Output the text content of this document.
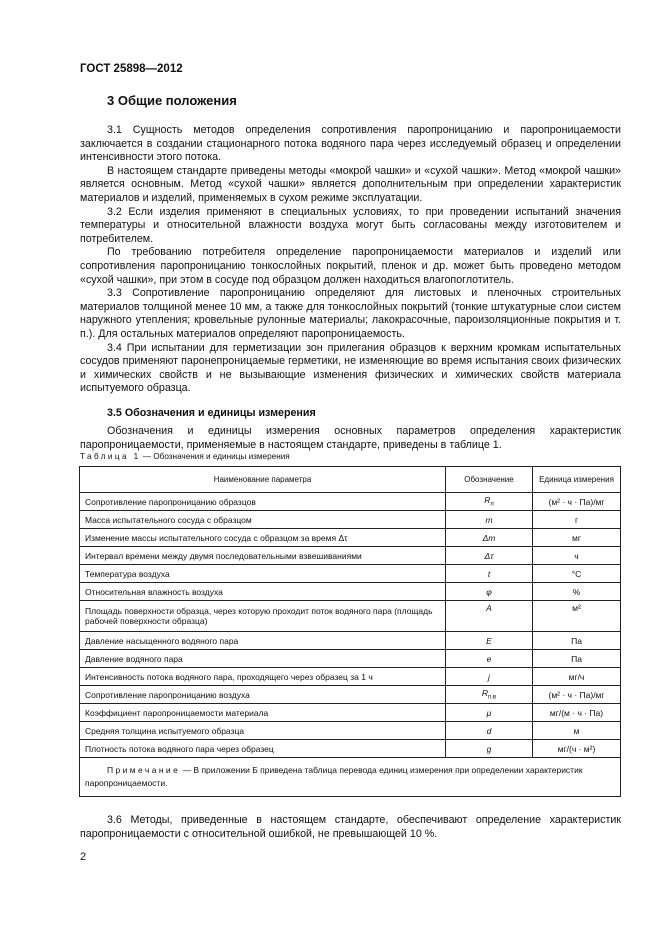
ГОСТ 25898—2012
3 Общие положения

3.1 Сущность методов определения сопротивления паропроницанию и паропроницаемости заключается в создании стационарного потока водяного пара через исследуемый образец и определении интенсивности этого потока.

В настоящем стандарте приведены методы «мокрой чашки» и «сухой чашки». Метод «мокрой чашки» является основным. Метод «сухой чашки» является дополнительным при определении характеристик материалов и изделий, применяемых в сухом режиме эксплуатации.

3.2 Если изделия применяют в специальных условиях, то при проведении испытаний значения температуры и относительной влажности воздуха могут быть согласованы между изготовителем и потребителем.

По требованию потребителя определение паропроницаемости материалов и изделий или сопротивления паропроницанию тонкослойных покрытий, пленок и др. может быть проведено методом «сухой чашки», при этом в сосуде под образцом должен находиться влагопоглотитель.

3.3 Сопротивление паропроницанию определяют для листовых и пленочных строительных материалов толщиной менее 10 мм, а также для тонкослойных покрытий (тонкие штукатурные слои систем наружного утепления; кровельные рулонные материалы; лакокрасочные, пароизоляционные покрытия и т. п.). Для остальных материалов определяют паропроницаемость.

3.4 При испытании для герметизации зон прилегания образцов к верхним кромкам испытательных сосудов применяют паронепроницаемые герметики, не изменяющие во время испытания своих физических и химических свойств и не вызывающие изменения физических и химических свойств материала испытуемого образца.

3.5 Обозначения и единицы измерения

Обозначения и единицы измерения основных параметров определения характеристик паропроницаемости, применяемые в настоящем стандарте, приведены в таблице 1.

Таблица 1 — Обозначения и единицы измерения
Наименование параметра	Обозначение	Единица измерения
Сопротивление паропроницанию образцов	$R_п$	(м² · ч · Па)/мг
Масса испытательного сосуда с образцом	m	г
Изменение массы испытательного сосуда с образцом за время Δτ	Δm	мг
Интервал времени между двумя последовательными взвешиваниями	Δτ	ч
Температура воздуха	t	°С
Относительная влажность воздуха	φ	%
Площадь поверхности образца, через которую проходит поток водяного пара (площадь рабочей поверхности образца)	A	м²
Давление насыщенного водяного пара	E	Па
Давление водяного пара	e	Па
Интенсивность потока водяного пара, проходящего через образец за 1 ч	j	мг/ч
Сопротивление паропроницанию воздуха	$R_{п.в}$	(м² · ч · Па)/мг
Коэффициент паропроницаемости материала	μ	мг/(м · ч · Па)
Средняя толщина испытуемого образца	d	м
Плотность потока водяного пара через образец	g	мг/(ч · м²)
Примечание — В приложении Б приведена таблица перевода единиц измерения при определении характеристик паропроницаемости.		
3.6 Методы, приведенные в настоящем стандарте, обеспечивают определение характеристик паропроницаемости с относительной ошибкой, не превышающей 10 %.
2
